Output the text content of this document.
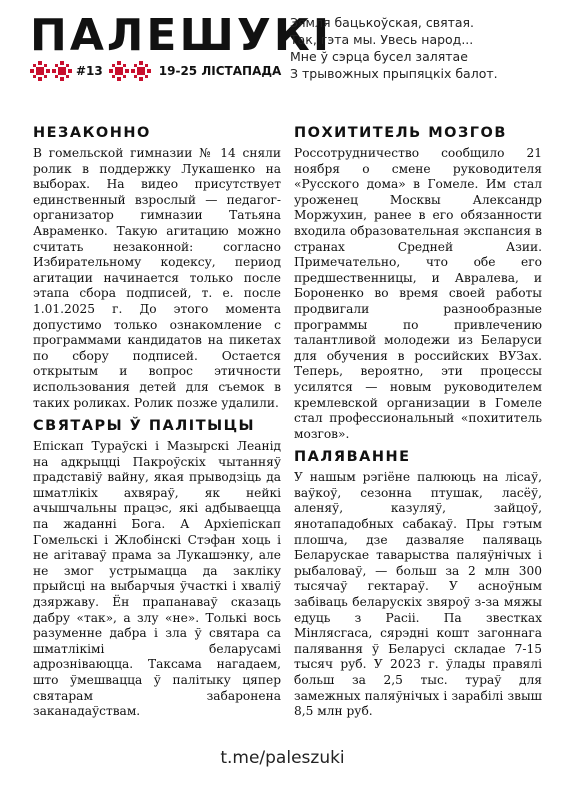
ПАЛЕШУКІ
#13	19-25 ЛІСТАПАДА
Зямля бацькоўская, святая.
Так, гэта мы. Увесь народ...
Мне ў сэрца бусел залятае
З трывожных прыпяцкіх балот.
НЕЗАКОННО

В гомельской гимназии № 14 сняли ролик в поддержку Лукашенко на выборах. На видео присутствует единственный взрослый — педагог-организатор гимназии Татьяна Авраменко. Такую агитацию можно считать незаконной: согласно Избирательному кодексу, период агитации начинается только после этапа сбора подписей, т. е. после 1.01.2025 г. До этого момента допустимо только ознакомление с программами кандидатов на пикетах по сбору подписей. Остается открытым и вопрос этичности использования детей для съемок в таких роликах. Ролик позже удалили.

СВЯТАРЫ Ў ПАЛІТЫЦЫ

Епіскап Тураўскі і Мазырскі Леанід на адкрыцці Пакроўскіх чытанняў прадставіў вайну, якая прыводзіць да шматлікіх ахвяраў, як нейкі ачышчальны працэс, які адбываецца па жаданні Бога. А Архіепіскап Гомельскі і Жлобінскі Стэфан хоць і не агітаваў прама за Лукашэнку, але не змог устрымацца да закліку прыйсці на выбарчыя ўчасткі і хваліў дзяржаву. Ён прапанаваў сказаць дабру «так», а злу «не». Толькі вось разуменне дабра і зла ў святара са шматлікімі беларусамі адрозніваюцца. Таксама нагадаем, што ўмешвацца ў палітыку цяпер святарам забаронена заканадаўствам.

ПОХИТИТЕЛЬ МОЗГОВ

Россотрудничество сообщило 21 ноября о смене руководителя «Русского дома» в Гомеле. Им стал уроженец Москвы Александр Моржухин, ранее в его обязанности входила образовательная экспансия в странах Средней Азии. Примечательно, что обе его предшественницы, и Авралева, и Бороненко во время своей работы продвигали разнообразные программы по привлечению талантливой молодежи из Беларуси для обучения в российских ВУЗах. Теперь, вероятно, эти процессы усилятся — новым руководителем кремлевской организации в Гомеле стал профессиональный «похититель мозгов».

ПАЛЯВАННЕ

У нашым рэгіёне палююць на лісаў, ваўкоў, сезонна птушак, ласёў, аленяў, казуляў, зайцоў, янотападобных сабакаў. Пры гэтым плошча, дзе дазваляе паляваць Беларускае таварыства паляўнічых і рыбаловаў, — больш за 2 млн 300 тысячаў гектараў. У асноўным забіваць беларускіх звяроў з-за мяжы едуць з Расіі. Па звестках Мінлясгаса, сярэдні кошт загоннага палявання ў Беларусі складае 7-15 тысяч руб. У 2023 г. ўлады правялі больш за 2,5 тыс. тураў для замежных паляўнічых і зарабілі звыш 8,5 млн руб.

t.me/paleszuki
